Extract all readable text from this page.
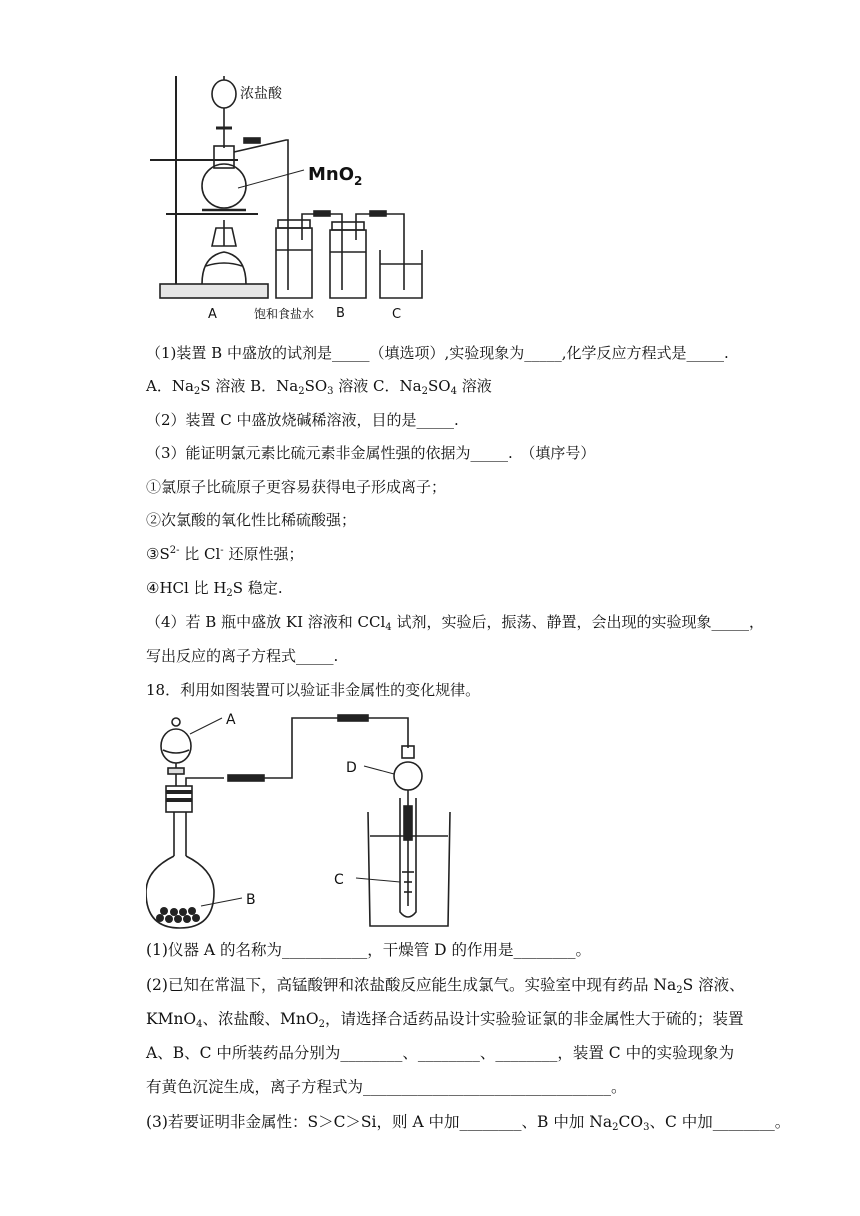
浓盐酸
MnO$_2$
A	饱和食盐水 B	C
（1)装置 B 中盛放的试剂是_____（填选项）,实验现象为_____,化学反应方程式是_____.
A．$Na_2S$ 溶液 B．$Na_2SO_3$ 溶液 C．$Na_2SO_4$ 溶液
（2）装置 C 中盛放烧碱稀溶液，目的是_____.
（3）能证明氯元素比硫元素非金属性强的依据为_____.　（填序号）
①氯原子比硫原子更容易获得电子形成离子；
②次氯酸的氧化性比稀硫酸强；
$③S^{2-}$ 比 Cl- 还原性强；
④HCl 比 $H_2S$ 稳定.
（4）若 B 瓶中盛放 KI 溶液和 CCl$_4$ 试剂，实验后，振荡、静置，会出现的实验现象_____，
写出反应的离子方程式_____.
18．利用如图装置可以验证非金属性的变化规律。
A
B
D
C
(1)仪器 A 的名称为___________，干燥管 D 的作用是________。
(2)已知在常温下，高锰酸钾和浓盐酸反应能生成氯气。实验室中现有药品 $Na_2S$ 溶液、
KMnO$_4$、浓盐酸、MnO$_2$，请选择合适药品设计实验验证氯的非金属性大于硫的；装置
A、B、C 中所装药品分别为________、________、________，装置 C 中的实验现象为
有黄色沉淀生成，离子方程式为________________________________。
(3)若要证明非金属性：S＞C＞Si，则 A 中加________、B 中加 $Na_2CO_3$、C 中加________。
